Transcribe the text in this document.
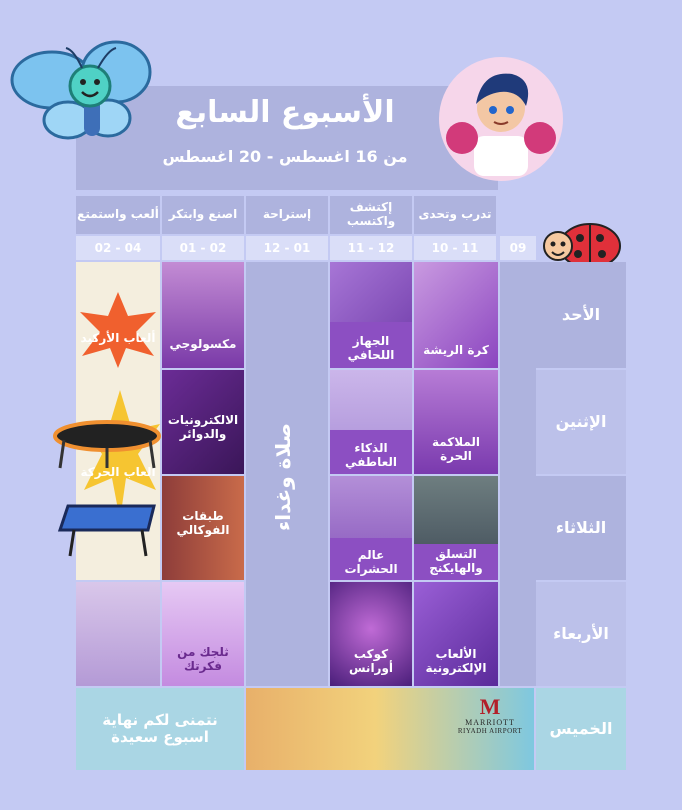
الأسبوع السابع
من 16 اغسطس - 20 اغسطس
تدرب وتحدى
إكتشف واكتسب
إستراحة
اصنع وابتكر
ألعب واستمتع
09
10 - 11
11 - 12
12 - 01
01 - 02
02 - 04
الأحد
الإثنين
الثلاثاء
الأربعاء
الخميس
كرة الريشة
الملاكمة الحرة
التسلق والهايكنج
الألعاب الإلكترونية
الجهاز اللحافي
الذكاء العاطفي
عالم الحشرات
كوكب أورانس
صلاة وغداء
مكسولوجي
الالكترونيات والدوائر
طبقات الفوكالي
ثلجك من فكرتك
ألعاب الأركيد
ألعاب الحركة
نتمنى لكم نهاية اسبوع سعيدة
M
MARRIOTT
RIYADH AIRPORT
